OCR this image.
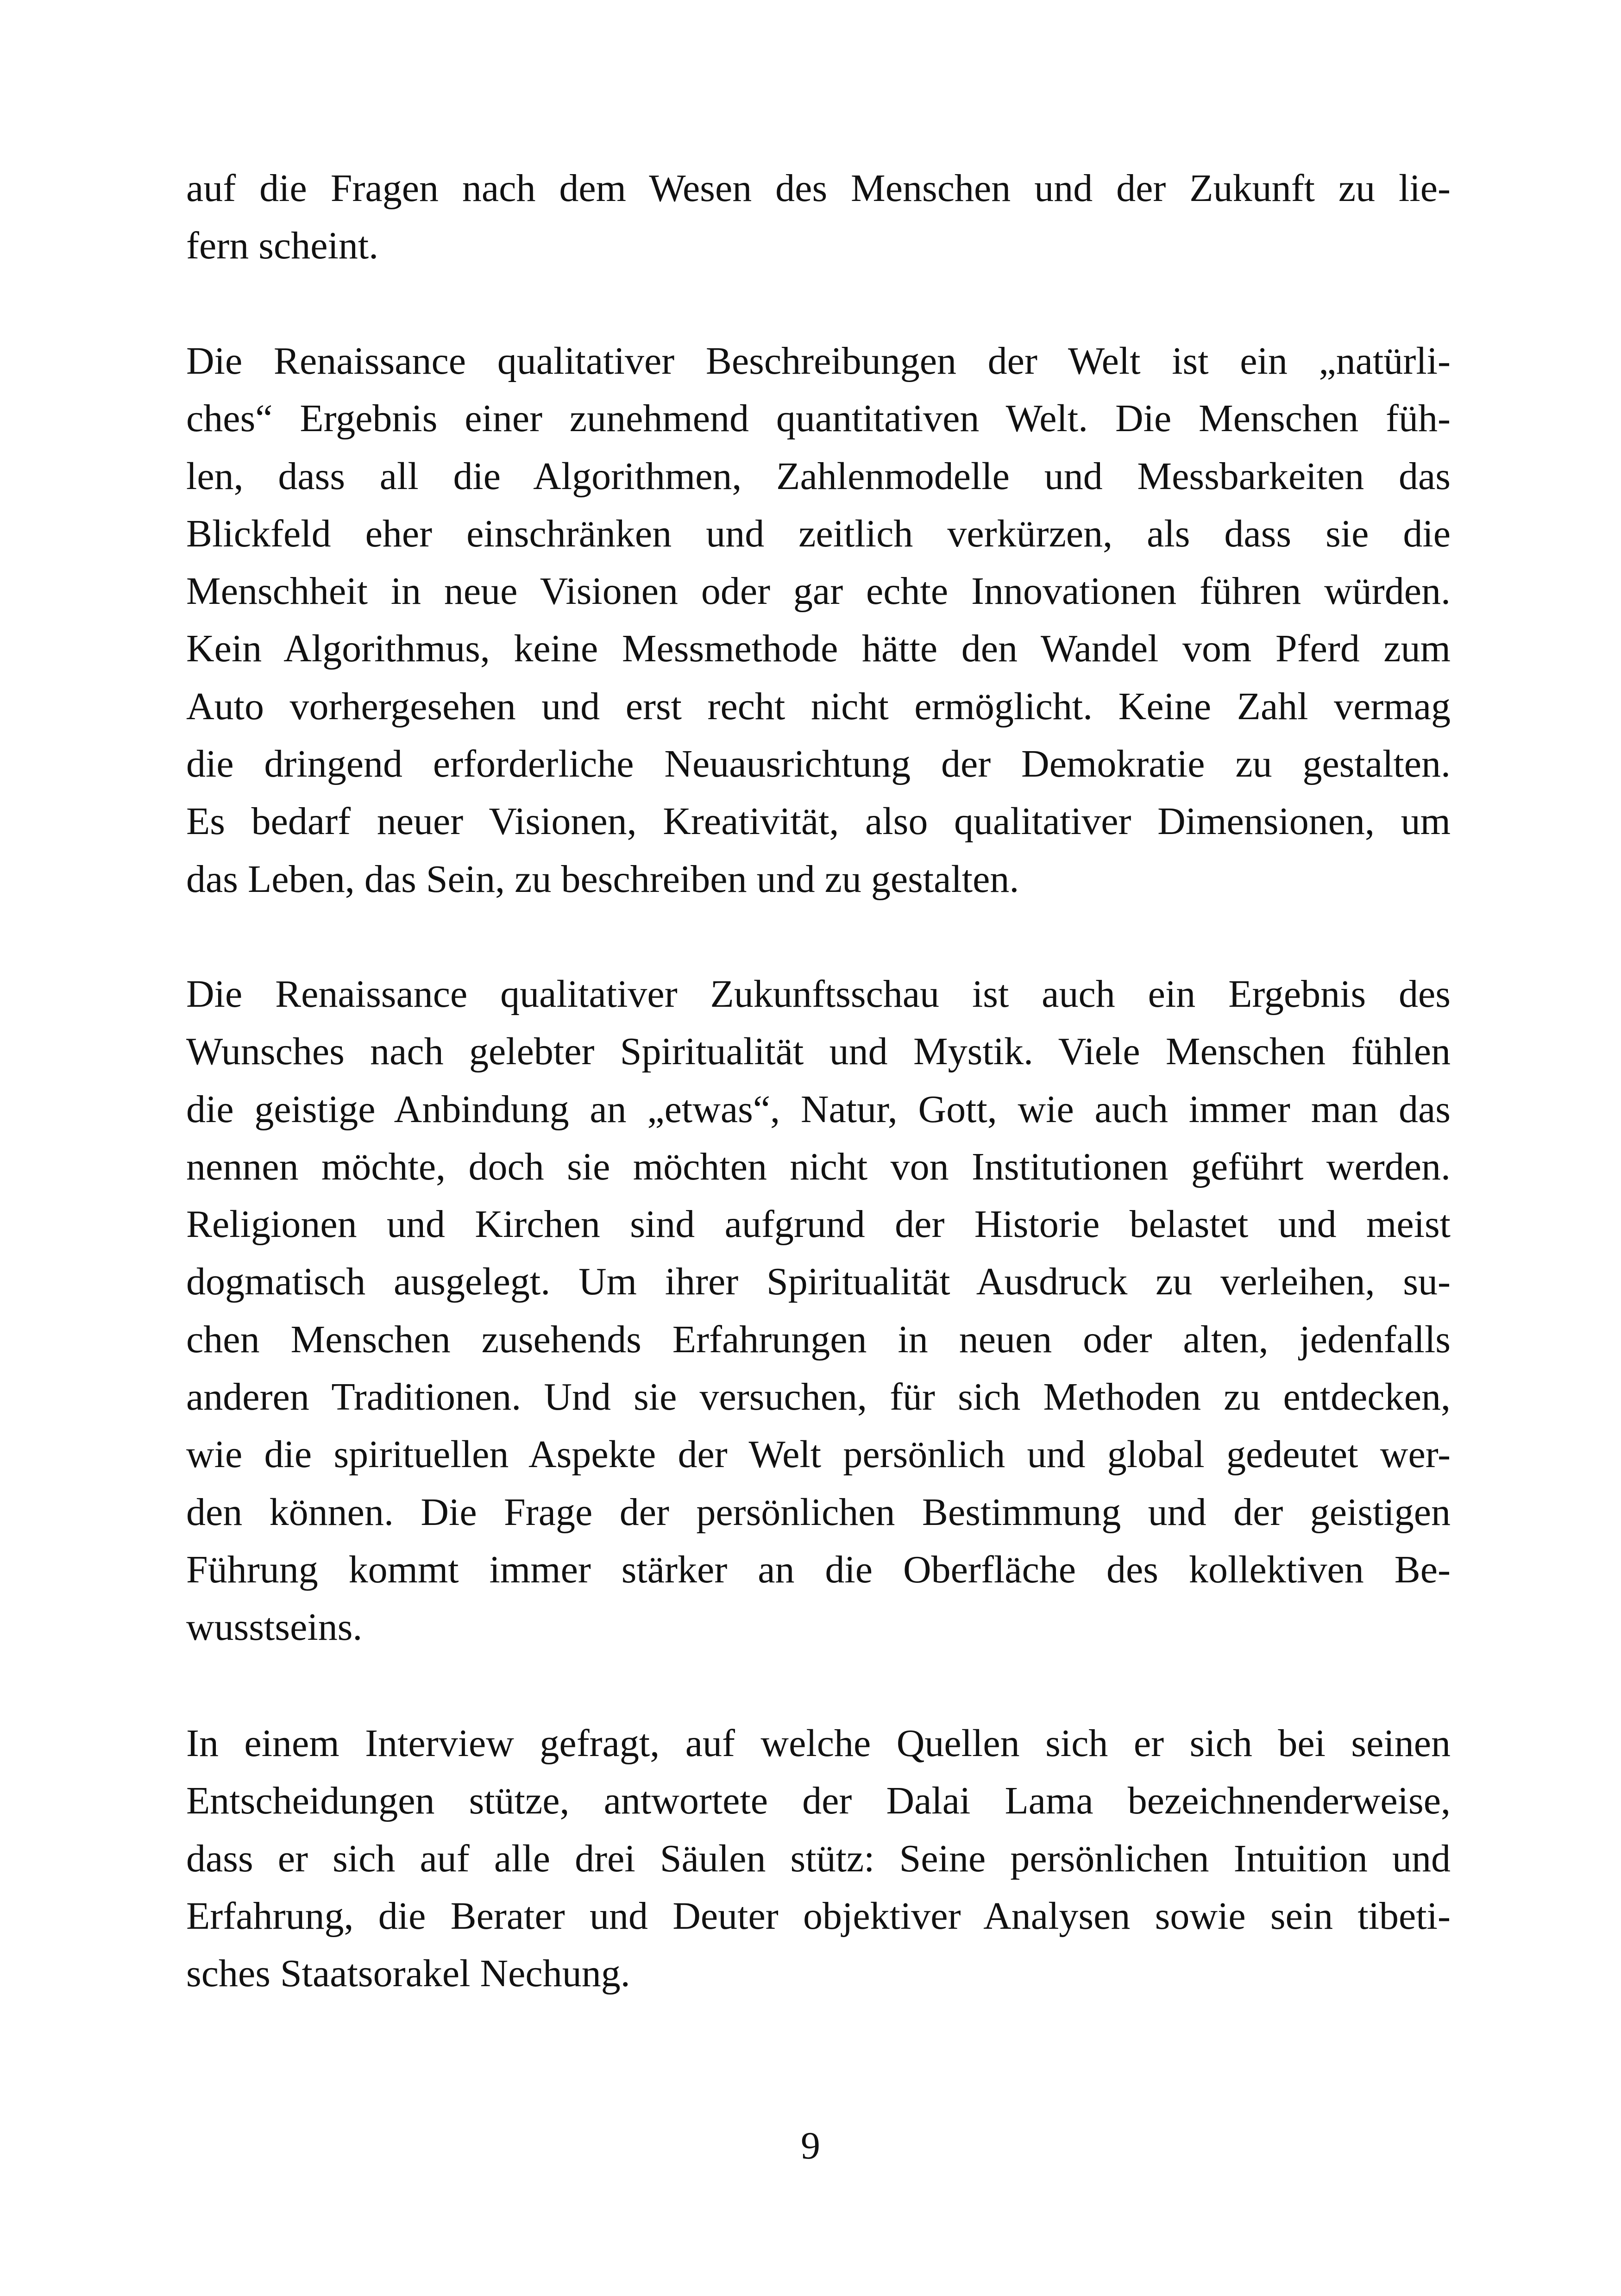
auf die Fragen nach dem Wesen des Menschen und der Zukunft zu lie-
fern scheint.
Die Renaissance qualitativer Beschreibungen der Welt ist ein „natürli-
ches“ Ergebnis einer zunehmend quantitativen Welt. Die Menschen füh-
len, dass all die Algorithmen, Zahlenmodelle und Messbarkeiten das
Blickfeld eher einschränken und zeitlich verkürzen, als dass sie die
Menschheit in neue Visionen oder gar echte Innovationen führen würden.
Kein Algorithmus, keine Messmethode hätte den Wandel vom Pferd zum
Auto vorhergesehen und erst recht nicht ermöglicht. Keine Zahl vermag
die dringend erforderliche Neuausrichtung der Demokratie zu gestalten.
Es bedarf neuer Visionen, Kreativität, also qualitativer Dimensionen, um
das Leben, das Sein, zu beschreiben und zu gestalten.
Die Renaissance qualitativer Zukunftsschau ist auch ein Ergebnis des
Wunsches nach gelebter Spiritualität und Mystik. Viele Menschen fühlen
die geistige Anbindung an „etwas“, Natur, Gott, wie auch immer man das
nennen möchte, doch sie möchten nicht von Institutionen geführt werden.
Religionen und Kirchen sind aufgrund der Historie belastet und meist
dogmatisch ausgelegt. Um ihrer Spiritualität Ausdruck zu verleihen, su-
chen Menschen zusehends Erfahrungen in neuen oder alten, jedenfalls
anderen Traditionen. Und sie versuchen, für sich Methoden zu entdecken,
wie die spirituellen Aspekte der Welt persönlich und global gedeutet wer-
den können. Die Frage der persönlichen Bestimmung und der geistigen
Führung kommt immer stärker an die Oberfläche des kollektiven Be-
wusstseins.
In einem Interview gefragt, auf welche Quellen sich er sich bei seinen
Entscheidungen stütze, antwortete der Dalai Lama bezeichnenderweise,
dass er sich auf alle drei Säulen stütz: Seine persönlichen Intuition und
Erfahrung, die Berater und Deuter objektiver Analysen sowie sein tibeti-
sches Staatsorakel Nechung.
9
